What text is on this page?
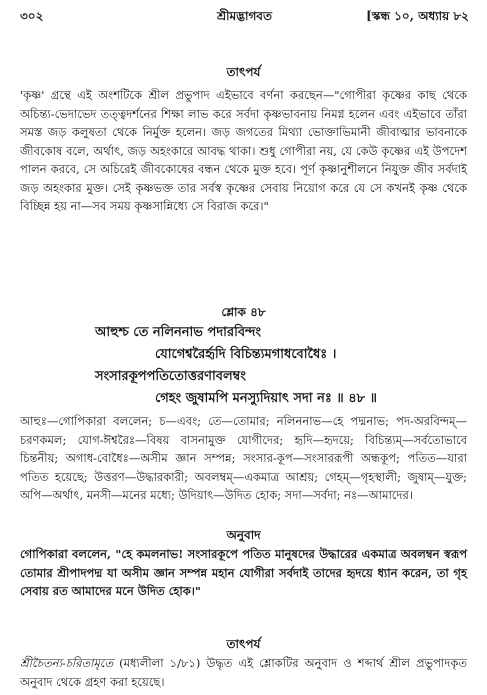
৩০২	শ্রীমদ্ভাগবত	[স্কন্ধ ১০, অধ্যায় ৮২
তাৎপর্য

'কৃষ্ণ' গ্রন্থে এই অংশটিকে শ্রীল প্রভুপাদ এইভাবে বর্ণনা করছেন—"গোপীরা কৃষ্ণের কাছ থেকে অচিন্ত্য-ভেদাভেদ তত্ত্বদর্শনের শিক্ষা লাভ করে সর্বদা কৃষ্ণভাবনায় নিমগ্ন হলেন এবং এইভাবে তাঁরা সমস্ত জড় কলুষতা থেকে নির্মুক্ত হলেন। জড় জগতের মিথ্যা ভোক্তাভিমানী জীবাত্মার ভাবনাকে জীবকোষ বলে, অর্থাৎ, জড় অহংকারে আবদ্ধ থাকা। শুধু গোপীরা নয়, যে কেউ কৃষ্ণের এই উপদেশ পালন করবে, সে অচিরেই জীবকোষের বন্ধন থেকে মুক্ত হবে। পূর্ণ কৃষ্ণানুশীলনে নিযুক্ত জীব সর্বদাই জড় অহংকার মুক্ত। সেই কৃষ্ণভক্ত তার সর্বস্ব কৃষ্ণের সেবায় নিয়োগ করে যে সে কখনই কৃষ্ণ থেকে বিচ্ছিন্ন হয় না—সব সময় কৃষ্ণসান্নিধ্যে সে বিরাজ করে।"

শ্লোক ৪৮
আহুশ্চ তে নলিননাভ পদারবিন্দং
যোগেশ্বরৈর্হৃদি বিচিন্ত্যমগাধবোধৈঃ ।
সংসারকূপপতিতোত্তরণাবলম্বং
গেহং জুষামপি মনস্যুদিয়াৎ সদা নঃ ॥ ৪৮ ॥

আহুঃ—গোপিকারা বললেন; চ—এবং; তে—তোমার; নলিননাভ—হে পদ্মনাভ; পদ-অরবিন্দম্—চরণকমল; যোগ-ঈশ্বরৈঃ—বিষয় বাসনামুক্ত যোগীদের; হৃদি—হৃদয়ে; বিচিন্ত্যম্—সর্বতোভাবে চিন্তনীয়; অগাধ-বোধৈঃ—অসীম জ্ঞান সম্পন্ন; সংসার-কূপ—সংসাররূপী অন্ধকূপ; পতিত—যারা পতিত হয়েছে; উত্তরণ—উদ্ধারকারী; অবলম্বম্—একমাত্র আশ্রয়; গেহম্—গৃহস্থালী; জুষাম্—যুক্ত; অপি—অর্থাৎ, মনসী—মনের মধ্যে; উদিয়াৎ—উদিত হোক; সদা—সর্বদা; নঃ—আমাদের।

অনুবাদ

গোপিকারা বললেন, "হে কমলনাভ! সংসারকূপে পতিত মানুষদের উদ্ধারের একমাত্র অবলম্বন স্বরূপ তোমার শ্রীপাদপদ্ম যা অসীম জ্ঞান সম্পন্ন মহান যোগীরা সর্বদাই তাদের হৃদয়ে ধ্যান করেন, তা গৃহ সেবায় রত আমাদের মনে উদিত হোক।"

তাৎপর্য

শ্রীচৈতন্য-চরিতামৃতে (মধ্যলীলা ১/৮১) উদ্ধৃত এই শ্লোকটির অনুবাদ ও শব্দার্থ শ্রীল প্রভুপাদকৃত অনুবাদ থেকে গ্রহণ করা হয়েছে।
